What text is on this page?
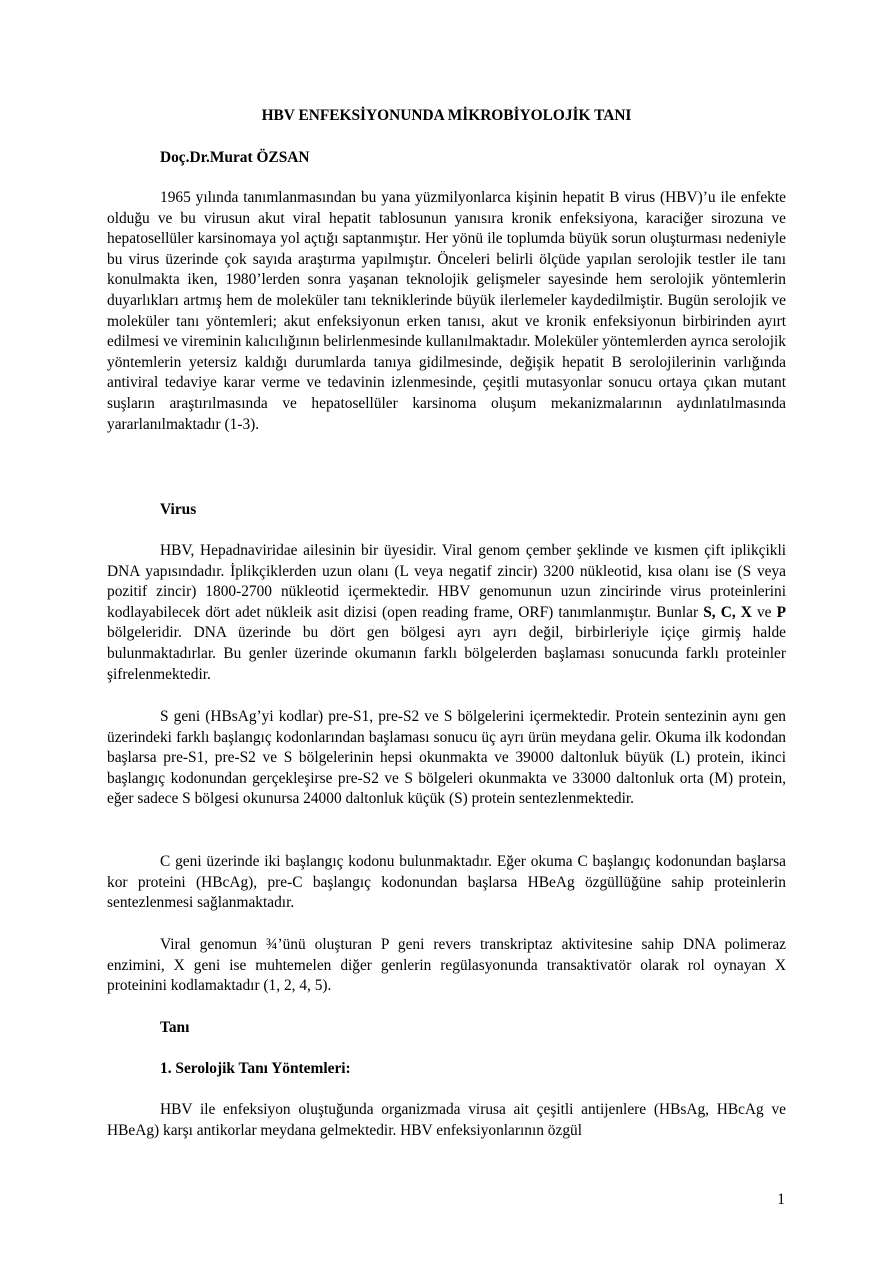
HBV ENFEKSİYONUNDA MİKROBİYOLOJİK TANI
Doç.Dr.Murat ÖZSAN

1965 yılında tanımlanmasından bu yana yüzmilyonlarca kişinin hepatit B virus (HBV)’u ile enfekte olduğu ve bu virusun akut viral hepatit tablosunun yanısıra kronik enfeksiyona, karaciğer sirozuna ve hepatosellüler karsinomaya yol açtığı saptanmıştır. Her yönü ile toplumda büyük sorun oluşturması nedeniyle bu virus üzerinde çok sayıda araştırma yapılmıştır. Önceleri belirli ölçüde yapılan serolojik testler ile tanı konulmakta iken, 1980’lerden sonra yaşanan teknolojik gelişmeler sayesinde hem serolojik yöntemlerin duyarlıkları artmış hem de moleküler tanı tekniklerinde büyük ilerlemeler kaydedilmiştir. Bugün serolojik ve moleküler tanı yöntemleri; akut enfeksiyonun erken tanısı, akut ve kronik enfeksiyonun birbirinden ayırt edilmesi ve vireminin kalıcılığının belirlenmesinde kullanılmaktadır. Moleküler yöntemlerden ayrıca serolojik yöntemlerin yetersiz kaldığı durumlarda tanıya gidilmesinde, değişik hepatit B serolojilerinin varlığında antiviral tedaviye karar verme ve tedavinin izlenmesinde, çeşitli mutasyonlar sonucu ortaya çıkan mutant suşların araştırılmasında ve hepatosellüler karsinoma oluşum mekanizmalarının aydınlatılmasında yararlanılmaktadır (1-3).

Virus

HBV, Hepadnaviridae ailesinin bir üyesidir. Viral genom çember şeklinde ve kısmen çift iplikçikli DNA yapısındadır. İplikçiklerden uzun olanı (L veya negatif zincir) 3200 nükleotid, kısa olanı ise (S veya pozitif zincir) 1800-2700 nükleotid içermektedir. HBV genomunun uzun zincirinde virus proteinlerini kodlayabilecek dört adet nükleik asit dizisi (open reading frame, ORF) tanımlanmıştır. Bunlar S, C, X ve P bölgeleridir. DNA üzerinde bu dört gen bölgesi ayrı ayrı değil, birbirleriyle içiçe girmiş halde bulunmaktadırlar. Bu genler üzerinde okumanın farklı bölgelerden başlaması sonucunda farklı proteinler şifrelenmektedir.

S geni (HBsAg’yi kodlar) pre-S1, pre-S2 ve S bölgelerini içermektedir. Protein sentezinin aynı gen üzerindeki farklı başlangıç kodonlarından başlaması sonucu üç ayrı ürün meydana gelir. Okuma ilk kodondan başlarsa pre-S1, pre-S2 ve S bölgelerinin hepsi okunmakta ve 39000 daltonluk büyük (L) protein, ikinci başlangıç kodonundan gerçekleşirse pre-S2 ve S bölgeleri okunmakta ve 33000 daltonluk orta (M) protein, eğer sadece S bölgesi okunursa 24000 daltonluk küçük (S) protein sentezlenmektedir.

C geni üzerinde iki başlangıç kodonu bulunmaktadır. Eğer okuma C başlangıç kodonundan başlarsa kor proteini (HBcAg), pre-C başlangıç kodonundan başlarsa HBeAg özgüllüğüne sahip proteinlerin sentezlenmesi sağlanmaktadır.

Viral genomun ¾’ünü oluşturan P geni revers transkriptaz aktivitesine sahip DNA polimeraz enzimini, X geni ise muhtemelen diğer genlerin regülasyonunda transaktivatör olarak rol oynayan X proteinini kodlamaktadır (1, 2, 4, 5).

Tanı
1. Serolojik Tanı Yöntemleri:

HBV ile enfeksiyon oluştuğunda organizmada virusa ait çeşitli antijenlere (HBsAg, HBcAg ve HBeAg) karşı antikorlar meydana gelmektedir. HBV enfeksiyonlarının özgül

1
